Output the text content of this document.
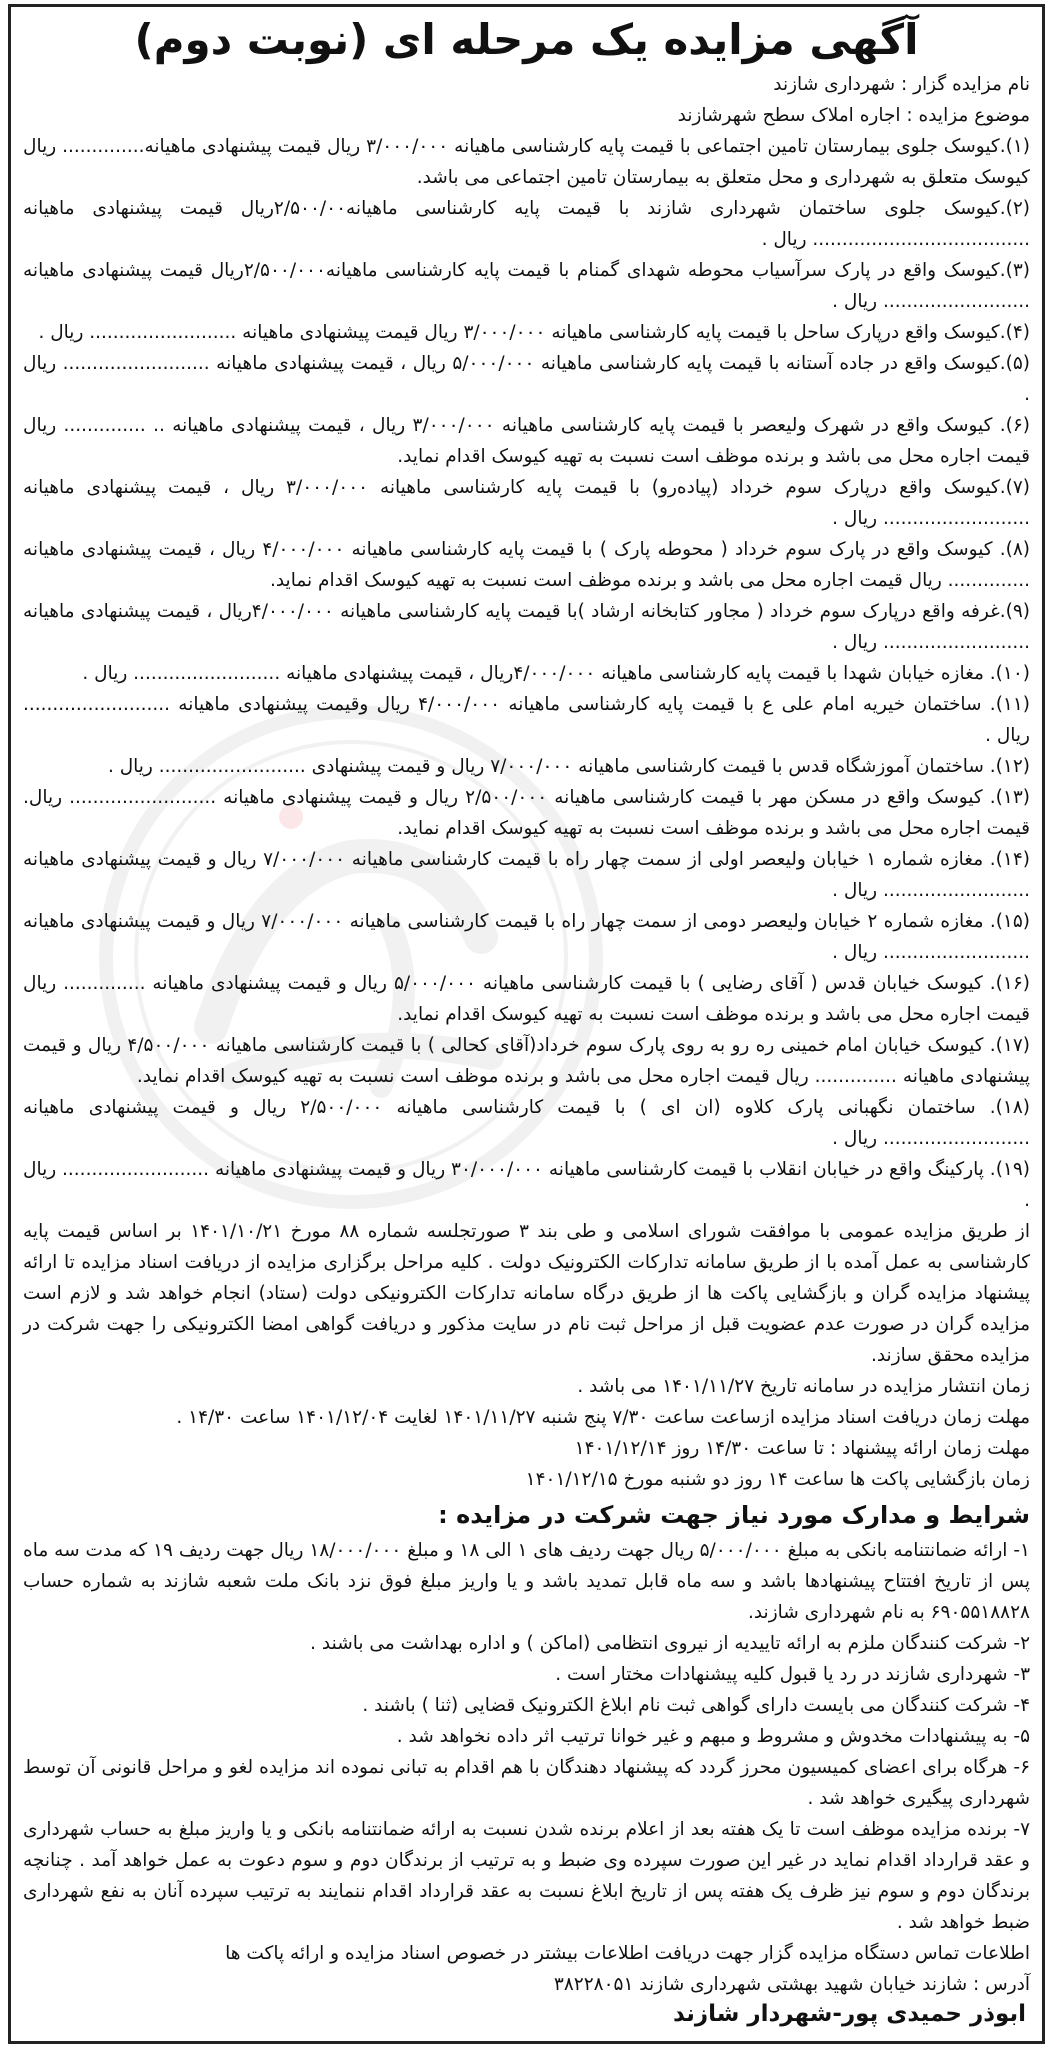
آگهی مزایده یک مرحله ای (نوبت دوم)

نام مزایده گزار : شهرداری شازند

موضوع مزایده : اجاره املاک سطح شهرشازند

(۱).کیوسک جلوی بیمارستان تامین اجتماعی با قیمت پایه کارشناسی ماهیانه ۳/۰۰۰/۰۰۰ ریال قیمت پیشنهادی ماهیانه.............. ریال کیوسک متعلق به شهرداری و محل متعلق به بیمارستان تامین اجتماعی می باشد.

(۲).کیوسک جلوی ساختمان شهرداری شازند با قیمت پایه کارشناسی ماهیانه۲/۵۰۰/۰۰ریال قیمت پیشنهادی ماهیانه ..................................... ریال .

(۳).کیوسک واقع در پارک سرآسیاب محوطه شهدای گمنام با قیمت پایه کارشناسی ماهیانه۲/۵۰۰/۰۰۰ریال قیمت پیشنهادی ماهیانه ......................... ریال .

(۴).کیوسک واقع درپارک ساحل با قیمت پایه کارشناسی ماهیانه ۳/۰۰۰/۰۰۰ ریال قیمت پیشنهادی ماهیانه ......................... ریال .

(۵).کیوسک واقع در جاده آستانه با قیمت پایه کارشناسی ماهیانه ۵/۰۰۰/۰۰۰ ریال ، قیمت پیشنهادی ماهیانه ......................... ریال .

(۶). کیوسک واقع در شهرک ولیعصر با قیمت پایه کارشناسی ماهیانه ۳/۰۰۰/۰۰۰ ریال ، قیمت پیشنهادی ماهیانه .. .............. ریال قیمت اجاره محل می باشد و برنده موظف است نسبت به تهیه کیوسک اقدام نماید.

(۷).کیوسک واقع درپارک سوم خرداد (پیاده‌رو) با قیمت پایه کارشناسی ماهیانه ۳/۰۰۰/۰۰۰ ریال ، قیمت پیشنهادی ماهیانه ......................... ریال .

(۸). کیوسک واقع در پارک سوم خرداد ( محوطه پارک ) با قیمت پایه کارشناسی ماهیانه ۴/۰۰۰/۰۰۰ ریال ، قیمت پیشنهادی ماهیانه .............. ریال قیمت اجاره محل می باشد و برنده موظف است نسبت به تهیه کیوسک اقدام نماید.

(۹).غرفه واقع درپارک سوم خرداد ( مجاور کتابخانه ارشاد )با قیمت پایه کارشناسی ماهیانه ۴/۰۰۰/۰۰۰ریال ، قیمت پیشنهادی ماهیانه ......................... ریال .

(۱۰). مغازه خیابان شهدا با قیمت پایه کارشناسی ماهیانه ۴/۰۰۰/۰۰۰ریال ، قیمت پیشنهادی ماهیانه ......................... ریال .

(۱۱). ساختمان خیریه امام علی ع با قیمت پایه کارشناسی ماهیانه ۴/۰۰۰/۰۰۰ ریال وقیمت پیشنهادی ماهیانه ......................... ریال .

(۱۲). ساختمان آموزشگاه قدس با قیمت کارشناسی ماهیانه ۷/۰۰۰/۰۰۰ ریال و قیمت پیشنهادی ......................... ریال .

(۱۳). کیوسک واقع در مسکن مهر با قیمت کارشناسی ماهیانه ۲/۵۰۰/۰۰۰ ریال و قیمت پیشنهادی ماهیانه ......................... ریال. قیمت اجاره محل می باشد و برنده موظف است نسبت به تهیه کیوسک اقدام نماید.

(۱۴). مغازه شماره ۱ خیابان ولیعصر اولی از سمت چهار راه با قیمت کارشناسی ماهیانه ۷/۰۰۰/۰۰۰ ریال و قیمت پیشنهادی ماهیانه ......................... ریال .

(۱۵). مغازه شماره ۲ خیابان ولیعصر دومی از سمت چهار راه با قیمت کارشناسی ماهیانه ۷/۰۰۰/۰۰۰ ریال و قیمت پیشنهادی ماهیانه ......................... ریال .

(۱۶). کیوسک خیابان قدس ( آقای رضایی ) با قیمت کارشناسی ماهیانه ۵/۰۰۰/۰۰۰ ریال و قیمت پیشنهادی ماهیانه .............. ریال قیمت اجاره محل می باشد و برنده موظف است نسبت به تهیه کیوسک اقدام نماید.

(۱۷). کیوسک خیابان امام خمینی ره رو به روی پارک سوم خرداد(آقای کحالی ) با قیمت کارشناسی ماهیانه ۴/۵۰۰/۰۰۰ ریال و قیمت پیشنهادی ماهیانه .............. ریال قیمت اجاره محل می باشد و برنده موظف است نسبت به تهیه کیوسک اقدام نماید.

(۱۸). ساختمان نگهبانی پارک کلاوه (ان ای ) با قیمت کارشناسی ماهیانه ۲/۵۰۰/۰۰۰ ریال و قیمت پیشنهادی ماهیانه ......................... ریال .

(۱۹). پارکینگ واقع در خیابان انقلاب با قیمت کارشناسی ماهیانه ۳۰/۰۰۰/۰۰۰ ریال و قیمت پیشنهادی ماهیانه ......................... ریال .

از طریق مزایده عمومی با موافقت شورای اسلامی و طی بند ۳ صورتجلسه شماره ۸۸ مورخ ۱۴۰۱/۱۰/۲۱ بر اساس قیمت پایه کارشناسی به عمل آمده با از طریق سامانه تدارکات الکترونیک دولت . کلیه مراحل برگزاری مزایده از دریافت اسناد مزایده تا ارائه پیشنهاد مزایده گران و بازگشایی پاکت ها از طریق درگاه سامانه تدارکات الکترونیکی دولت (ستاد) انجام خواهد شد و لازم است مزایده گران در صورت عدم عضویت قبل از مراحل ثبت نام در سایت مذکور و دریافت گواهی امضا الکترونیکی را جهت شرکت در مزایده محقق سازند.

زمان انتشار مزایده در سامانه تاریخ ۱۴۰۱/۱۱/۲۷ می باشد .

مهلت زمان دریافت اسناد مزایده ازساعت ساعت ۷/۳۰ پنج شنبه ۱۴۰۱/۱۱/۲۷ لغایت ۱۴۰۱/۱۲/۰۴ ساعت ۱۴/۳۰ .

مهلت زمان ارائه پیشنهاد : تا ساعت ۱۴/۳۰ روز ۱۴۰۱/۱۲/۱۴

زمان بازگشایی پاکت ها ساعت ۱۴ روز دو شنبه مورخ ۱۴۰۱/۱۲/۱۵

شرایط و مدارک مورد نیاز جهت شرکت در مزایده :

۱- ارائه ضمانتنامه بانکی به مبلغ ۵/۰۰۰/۰۰۰ ریال جهت ردیف های ۱ الی ۱۸ و مبلغ ۱۸/۰۰۰/۰۰۰ ریال جهت ردیف ۱۹ که مدت سه ماه پس از تاریخ افتتاح پیشنهادها باشد و سه ماه قابل تمدید باشد و یا واریز مبلغ فوق نزد بانک ملت شعبه شازند به شماره حساب ۶۹۰۵۵۱۸۸۲۸ به نام شهرداری شازند.

۲- شرکت کنندگان ملزم به ارائه تاییدیه از نیروی انتظامی (اماکن ) و اداره بهداشت می باشند .

۳- شهرداری شازند در رد یا قبول کلیه پیشنهادات مختار است .

۴- شرکت کنندگان می بایست دارای گواهی ثبت نام ابلاغ الکترونیک قضایی (ثنا ) باشند .

۵- به پیشنهادات مخدوش و مشروط و مبهم و غیر خوانا ترتیب اثر داده نخواهد شد .

۶- هرگاه برای اعضای کمیسیون محرز گردد که پیشنهاد دهندگان با هم اقدام به تبانی نموده اند مزایده لغو و مراحل قانونی آن توسط شهرداری پیگیری خواهد شد .

۷- برنده مزایده موظف است تا یک هفته بعد از اعلام برنده شدن نسبت به ارائه ضمانتنامه بانکی و یا واریز مبلغ به حساب شهرداری و عقد قرارداد اقدام نماید در غیر این صورت سپرده وی ضبط و به ترتیب از برندگان دوم و سوم دعوت به عمل خواهد آمد . چنانچه برندگان دوم و سوم نیز ظرف یک هفته پس از تاریخ ابلاغ نسبت به عقد قرارداد اقدام ننمایند به ترتیب سپرده آنان به نفع شهرداری ضبط خواهد شد .

اطلاعات تماس دستگاه مزایده گزار جهت دریافت اطلاعات بیشتر در خصوص اسناد مزایده و ارائه پاکت ها

آدرس : شازند خیابان شهید بهشتی شهرداری شازند ۳۸۲۲۸۰۵۱

ابوذر حمیدی پور-شهردار شازند
